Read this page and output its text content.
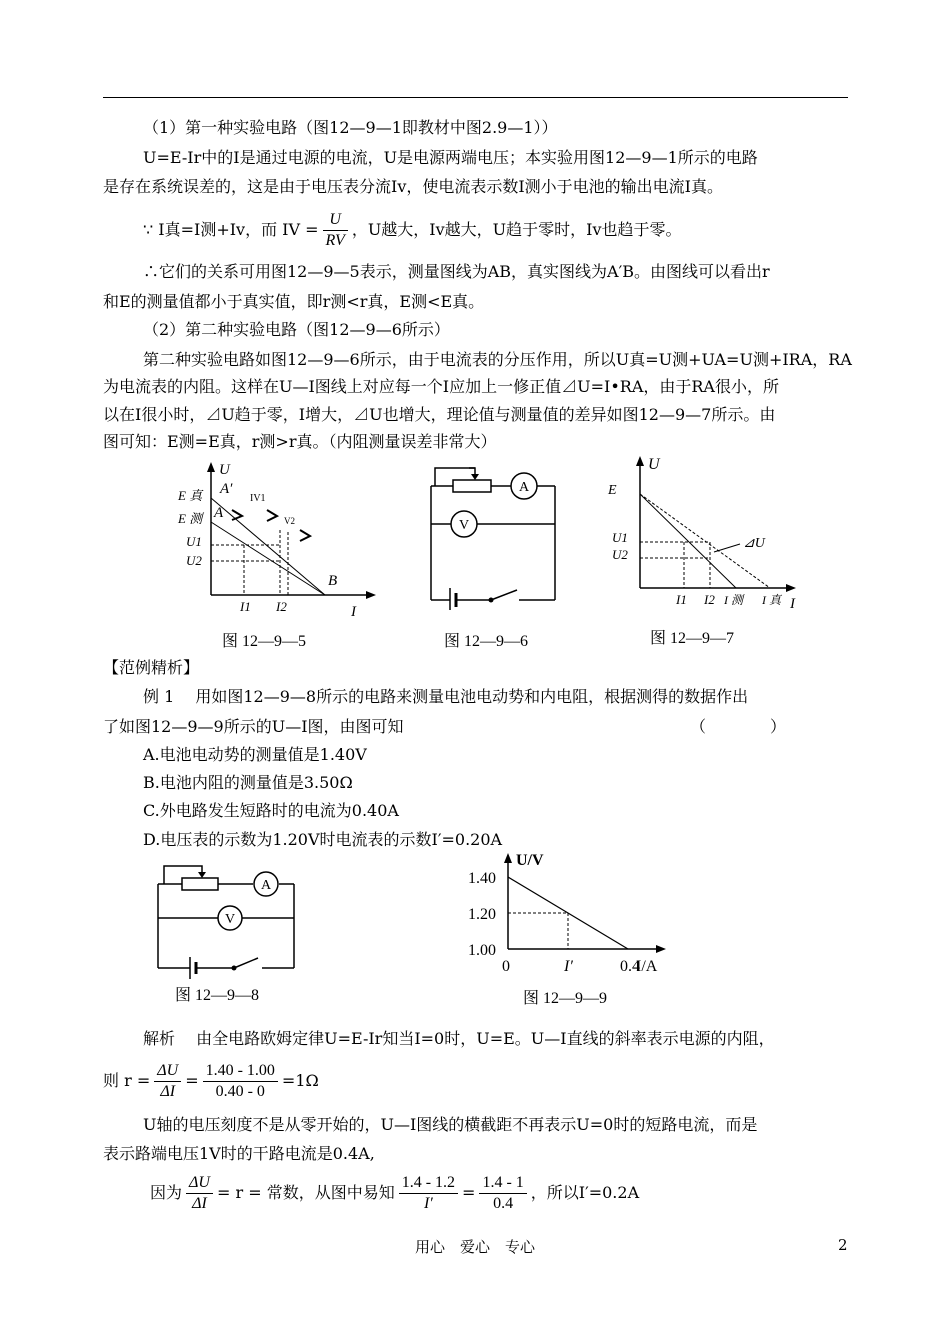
（1）第一种实验电路（图12—9—1即教材中图2.9—1））
U=E-Ir中的I是通过电源的电流，U是电源两端电压；本实验用图12—9—1所示的电路
是存在系统误差的，这是由于电压表分流Iv，使电流表示数I测小于电池的输出电流I真。
∵ I真=I测+Iv，而 IV = $\frac{U}{RV}$ ，U越大，Iv越大，U趋于零时，Iv也趋于零。
∴它们的关系可用图12—9—5表示，测量图线为AB，真实图线为A′B。由图线可以看出r
和E的测量值都小于真实值，即r测<r真，E测<E真。
（2）第二种实验电路（图12—9—6所示）
第二种实验电路如图12—9—6所示，由于电流表的分压作用，所以U真=U测+UA=U测+IRA，RA
为电流表的内阻。这样在U—I图线上对应每一个I应加上一修正值⊿U=I•RA，由于RA很小，所
以在I很小时，⊿U趋于零，I增大，⊿U也增大，理论值与测量值的差异如图12—9—7所示。由
图可知：E测=E真，r测>r真。（内阻测量误差非常大）
U
A′
A
E 真
E 测
U1
U2
I1 I2
IV1
V2
B
I
图 12—9—5
A
V
图 12—9—6
U
E
U1
U2
I1 I2 I 测 I 真 I
⊿U
图 12—9—7
【范例精析】
例 1　 用如图12—9—8所示的电路来测量电池电动势和内电阻，根据测得的数据作出
了如图12—9—9所示的U—I图，由图可知	（　　　　）
A.电池电动势的测量值是1.40V
B.电池内阻的测量值是3.50Ω
C.外电路发生短路时的电流为0.40A
D.电压表的示数为1.20V时电流表的示数I′=0.20A
A
V
图 12—9—8
1.40
1.20
1.00
0	I′	0.4
U/V
I/A
图 12—9—9
解析　 由全电路欧姆定律U=E-Ir知当I=0时，U=E。U—I直线的斜率表示电源的内阻，
则 $r = \frac{\Delta U}{\Delta I} = \frac{1.40 - 1.00}{0.40 - 0} =1\Omega$
U轴的电压刻度不是从零开始的，U—I图线的横截距不再表示U=0时的短路电流，而是
表示路端电压1V时的干路电流是0.4A,
因为 $\frac{\Delta U}{\Delta I} = r$ = 常数，从图中易知 $\frac{1.4 - 1.2}{I'} = \frac{1.4 - 1}{0.4}$ ，所以I′=0.2A
用心　爱心　专心	2
